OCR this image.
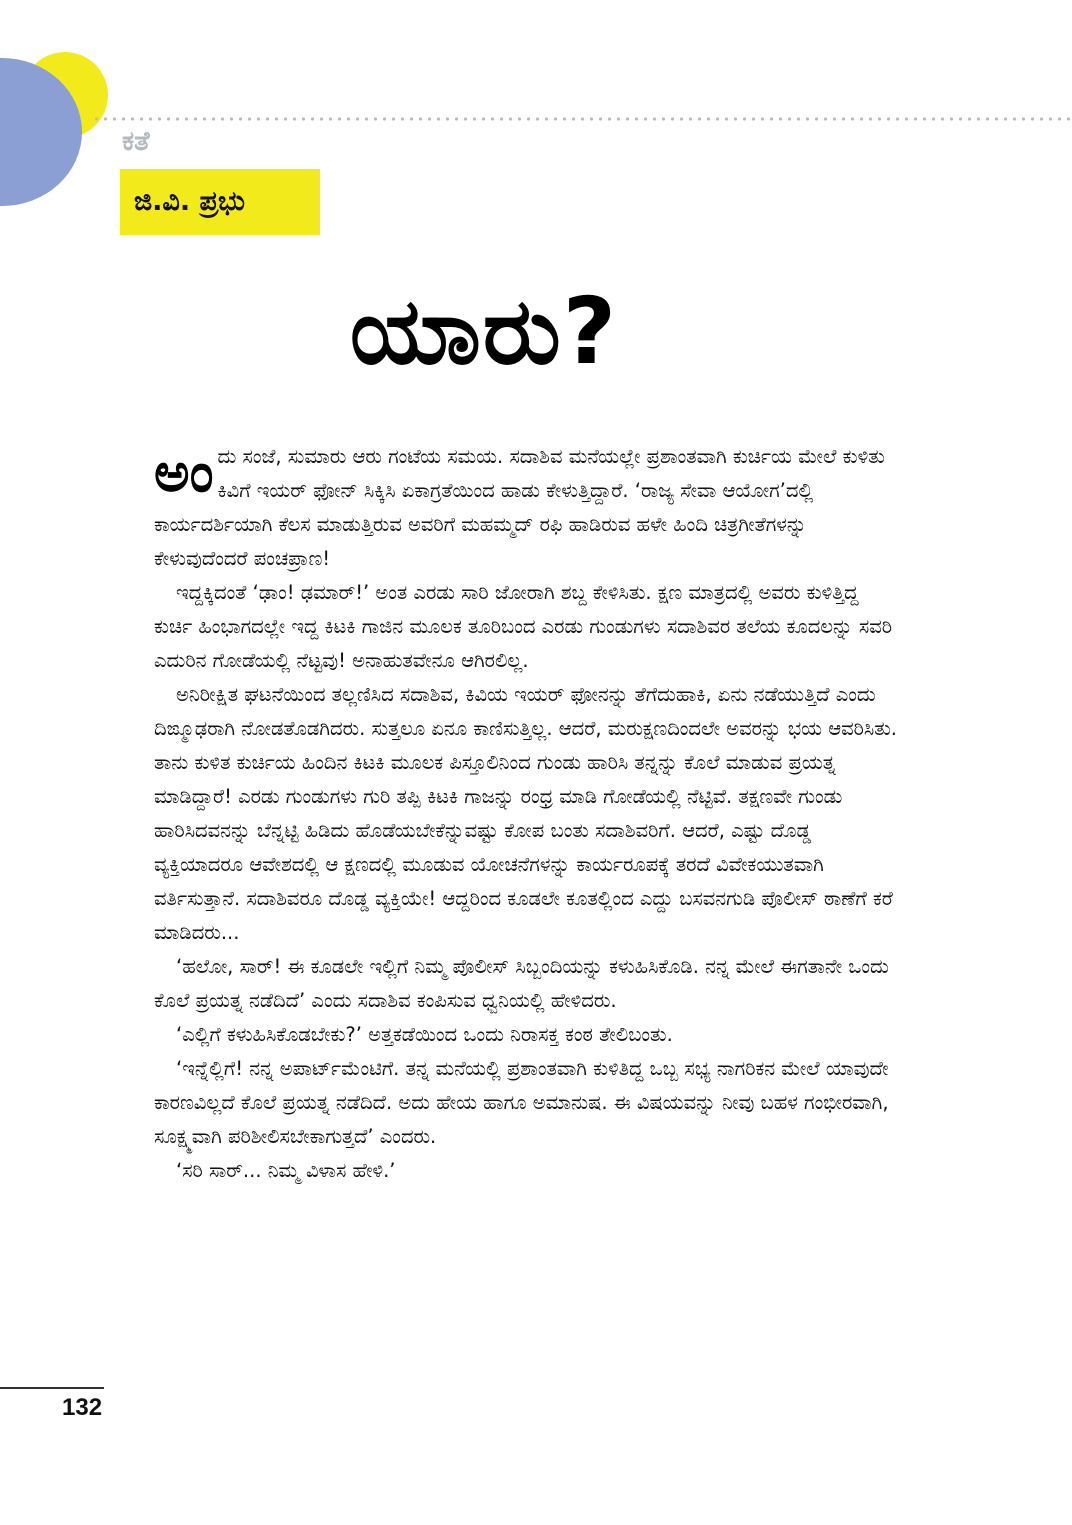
ಕತೆ
ಜಿ.ವಿ. ಪ್ರಭು
ಯಾರು?

ಅಂದು ಸಂಜೆ, ಸುಮಾರು ಆರು ಗಂಟೆಯ ಸಮಯ. ಸದಾಶಿವ ಮನೆಯಲ್ಲೇ ಪ್ರಶಾಂತವಾಗಿ ಕುರ್ಚಿಯ ಮೇಲೆ ಕುಳಿತು ಕಿವಿಗೆ ಇಯರ್ ಫೋನ್ ಸಿಕ್ಕಿಸಿ ಏಕಾಗ್ರತೆಯಿಂದ ಹಾಡು ಕೇಳುತ್ತಿದ್ದಾರೆ. ‘ರಾಜ್ಯ ಸೇವಾ ಆಯೋಗ’ದಲ್ಲಿ ಕಾರ್ಯದರ್ಶಿಯಾಗಿ ಕೆಲಸ ಮಾಡುತ್ತಿರುವ ಅವರಿಗೆ ಮಹಮ್ಮದ್ ರಫಿ ಹಾಡಿರುವ ಹಳೇ ಹಿಂದಿ ಚಿತ್ರಗೀತೆಗಳನ್ನು ಕೇಳುವುದೆಂದರೆ ಪಂಚಪ್ರಾಣ!

ಇದ್ದಕ್ಕಿದಂತೆ ‘ಢಾಂ! ಢಮಾರ್!’ ಅಂತ ಎರಡು ಸಾರಿ ಜೋರಾಗಿ ಶಬ್ದ ಕೇಳಿಸಿತು. ಕ್ಷಣ ಮಾತ್ರದಲ್ಲಿ ಅವರು ಕುಳಿತ್ತಿದ್ದ ಕುರ್ಚಿ ಹಿಂಭಾಗದಲ್ಲೇ ಇದ್ದ ಕಿಟಕಿ ಗಾಜಿನ ಮೂಲಕ ತೂರಿಬಂದ ಎರಡು ಗುಂಡುಗಳು ಸದಾಶಿವರ ತಲೆಯ ಕೂದಲನ್ನು ಸವರಿ ಎದುರಿನ ಗೋಡೆಯಲ್ಲಿ ನೆಟ್ಟವು! ಅನಾಹುತವೇನೂ ಆಗಿರಲಿಲ್ಲ.

ಅನಿರೀಕ್ಷಿತ ಘಟನೆಯಿಂದ ತಲ್ಲಣಿಸಿದ ಸದಾಶಿವ, ಕಿವಿಯ ಇಯರ್ ಫೋನನ್ನು ತೆಗೆದುಹಾಕಿ, ಏನು ನಡೆಯುತ್ತಿದೆ ಎಂದು ದಿಙ್ಮೂಢರಾಗಿ ನೋಡತೊಡಗಿದರು. ಸುತ್ತಲೂ ಏನೂ ಕಾಣಿಸುತ್ತಿಲ್ಲ. ಆದರೆ, ಮರುಕ್ಷಣದಿಂದಲೇ ಅವರನ್ನು ಭಯ ಆವರಿಸಿತು. ತಾನು ಕುಳಿತ ಕುರ್ಚಿಯ ಹಿಂದಿನ ಕಿಟಕಿ ಮೂಲಕ ಪಿಸ್ತೂಲಿನಿಂದ ಗುಂಡು ಹಾರಿಸಿ ತನ್ನನ್ನು ಕೊಲೆ ಮಾಡುವ ಪ್ರಯತ್ನ ಮಾಡಿದ್ದಾರೆ! ಎರಡು ಗುಂಡುಗಳು ಗುರಿ ತಪ್ಪಿ ಕಿಟಕಿ ಗಾಜನ್ನು ರಂಧ್ರ ಮಾಡಿ ಗೋಡೆಯಲ್ಲಿ ನೆಟ್ಟಿವೆ. ತಕ್ಷಣವೇ ಗುಂಡು ಹಾರಿಸಿದವನನ್ನು ಬೆನ್ನಟ್ಟಿ ಹಿಡಿದು ಹೊಡೆಯಬೇಕೆನ್ನುವಷ್ಟು ಕೋಪ ಬಂತು ಸದಾಶಿವರಿಗೆ. ಆದರೆ, ಎಷ್ಟು ದೊಡ್ಡ ವ್ಯಕ್ತಿಯಾದರೂ ಆವೇಶದಲ್ಲಿ ಆ ಕ್ಷಣದಲ್ಲಿ ಮೂಡುವ ಯೋಚನೆಗಳನ್ನು ಕಾರ್ಯರೂಪಕ್ಕೆ ತರದೆ ವಿವೇಕಯುತವಾಗಿ ವರ್ತಿಸುತ್ತಾನೆ. ಸದಾಶಿವರೂ ದೊಡ್ಡ ವ್ಯಕ್ತಿಯೇ! ಆದ್ದರಿಂದ ಕೂಡಲೇ ಕೂತಲ್ಲಿಂದ ಎದ್ದು ಬಸವನಗುಡಿ ಪೊಲೀಸ್ ಠಾಣೆಗೆ ಕರೆ ಮಾಡಿದರು...

‘ಹಲೋ, ಸಾರ್! ಈ ಕೂಡಲೇ ಇಲ್ಲಿಗೆ ನಿಮ್ಮ ಪೊಲೀಸ್ ಸಿಬ್ಬಂದಿಯನ್ನು ಕಳುಹಿಸಿಕೊಡಿ. ನನ್ನ ಮೇಲೆ ಈಗತಾನೇ ಒಂದು ಕೊಲೆ ಪ್ರಯತ್ನ ನಡೆದಿದೆ’ ಎಂದು ಸದಾಶಿವ ಕಂಪಿಸುವ ಧ್ವನಿಯಲ್ಲಿ ಹೇಳಿದರು.

‘ಎಲ್ಲಿಗೆ ಕಳುಹಿಸಿಕೊಡಬೇಕು?’ ಅತ್ತಕಡೆಯಿಂದ ಒಂದು ನಿರಾಸಕ್ತ ಕಂಠ ತೇಲಿಬಂತು.

‘ಇನ್ನೆಲ್ಲಿಗೆ! ನನ್ನ ಅಪಾರ್ಟ್‌ಮೆಂಟಿಗೆ. ತನ್ನ ಮನೆಯಲ್ಲಿ ಪ್ರಶಾಂತವಾಗಿ ಕುಳಿತಿದ್ದ ಒಬ್ಬ ಸಭ್ಯ ನಾಗರಿಕನ ಮೇಲೆ ಯಾವುದೇ ಕಾರಣವಿಲ್ಲದೆ ಕೊಲೆ ಪ್ರಯತ್ನ ನಡೆದಿದೆ. ಅದು ಹೇಯ ಹಾಗೂ ಅಮಾನುಷ. ಈ ವಿಷಯವನ್ನು ನೀವು ಬಹಳ ಗಂಭೀರವಾಗಿ, ಸೂಕ್ಷ್ಮವಾಗಿ ಪರಿಶೀಲಿಸಬೇಕಾಗುತ್ತದೆ’ ಎಂದರು.

‘ಸರಿ ಸಾರ್... ನಿಮ್ಮ ವಿಳಾಸ ಹೇಳಿ.’

132
